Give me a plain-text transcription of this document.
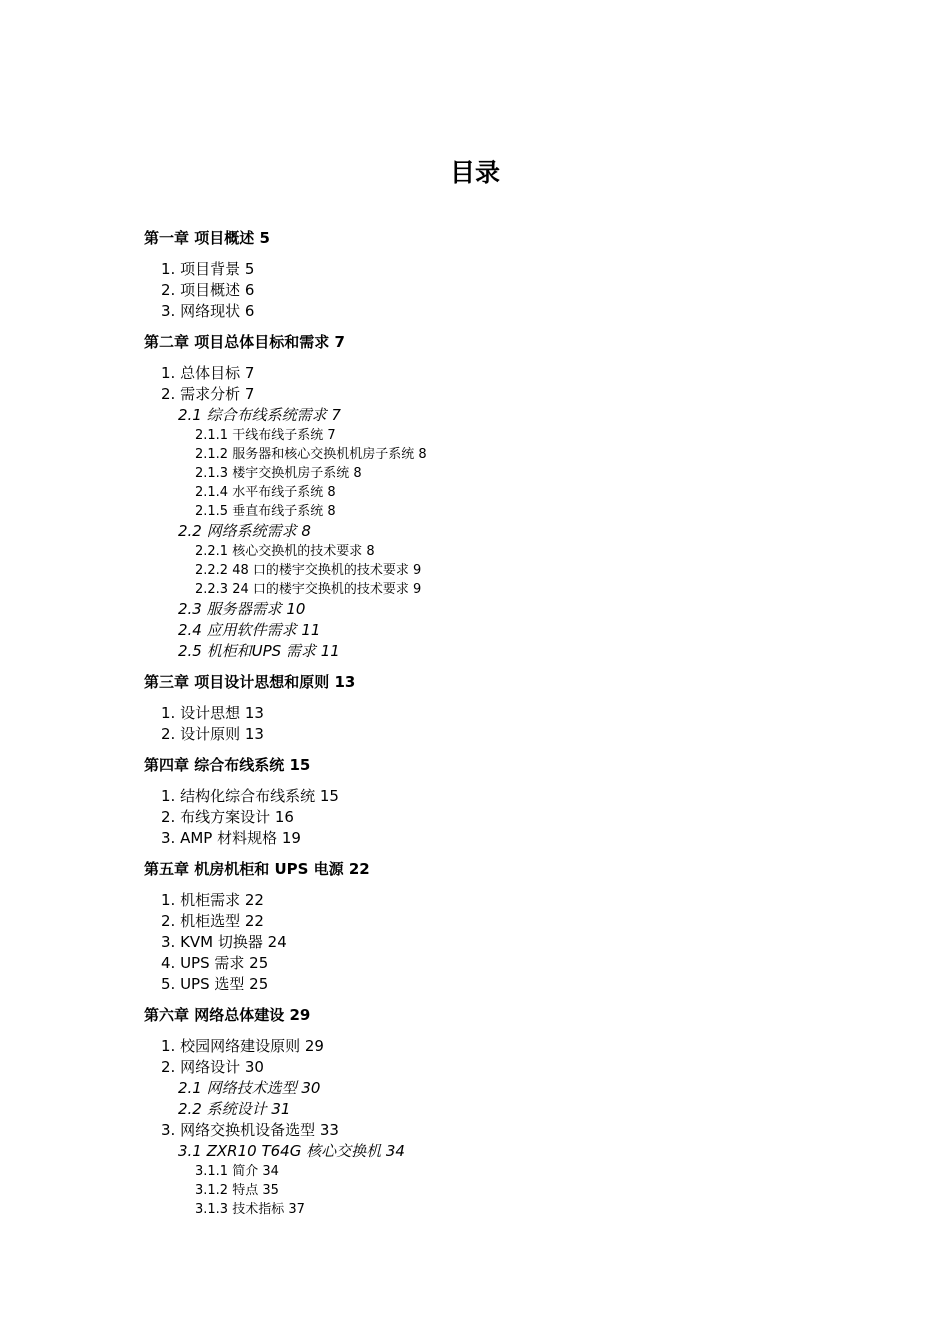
目录
第一章 项目概述 5
1. 项目背景 5
2. 项目概述 6
3. 网络现状 6
第二章 项目总体目标和需求 7
1. 总体目标 7
2. 需求分析 7
2.1 综合布线系统需求 7
2.1.1 干线布线子系统 7
2.1.2 服务器和核心交换机机房子系统 8
2.1.3 楼宇交换机房子系统 8
2.1.4 水平布线子系统 8
2.1.5 垂直布线子系统 8
2.2 网络系统需求 8
2.2.1 核心交换机的技术要求 8
2.2.2 48 口的楼宇交换机的技术要求 9
2.2.3 24 口的楼宇交换机的技术要求 9
2.3 服务器需求 10
2.4 应用软件需求 11
2.5 机柜和UPS 需求 11
第三章 项目设计思想和原则 13
1. 设计思想 13
2. 设计原则 13
第四章 综合布线系统 15
1. 结构化综合布线系统 15
2. 布线方案设计 16
3. AMP 材料规格 19
第五章 机房机柜和 UPS 电源 22
1. 机柜需求 22
2. 机柜选型 22
3. KVM 切换器 24
4. UPS 需求 25
5. UPS 选型 25
第六章 网络总体建设 29
1. 校园网络建设原则 29
2. 网络设计 30
2.1 网络技术选型 30
2.2 系统设计 31
3. 网络交换机设备选型 33
3.1 ZXR10 T64G 核心交换机 34
3.1.1 简介 34
3.1.2 特点 35
3.1.3 技术指标 37
